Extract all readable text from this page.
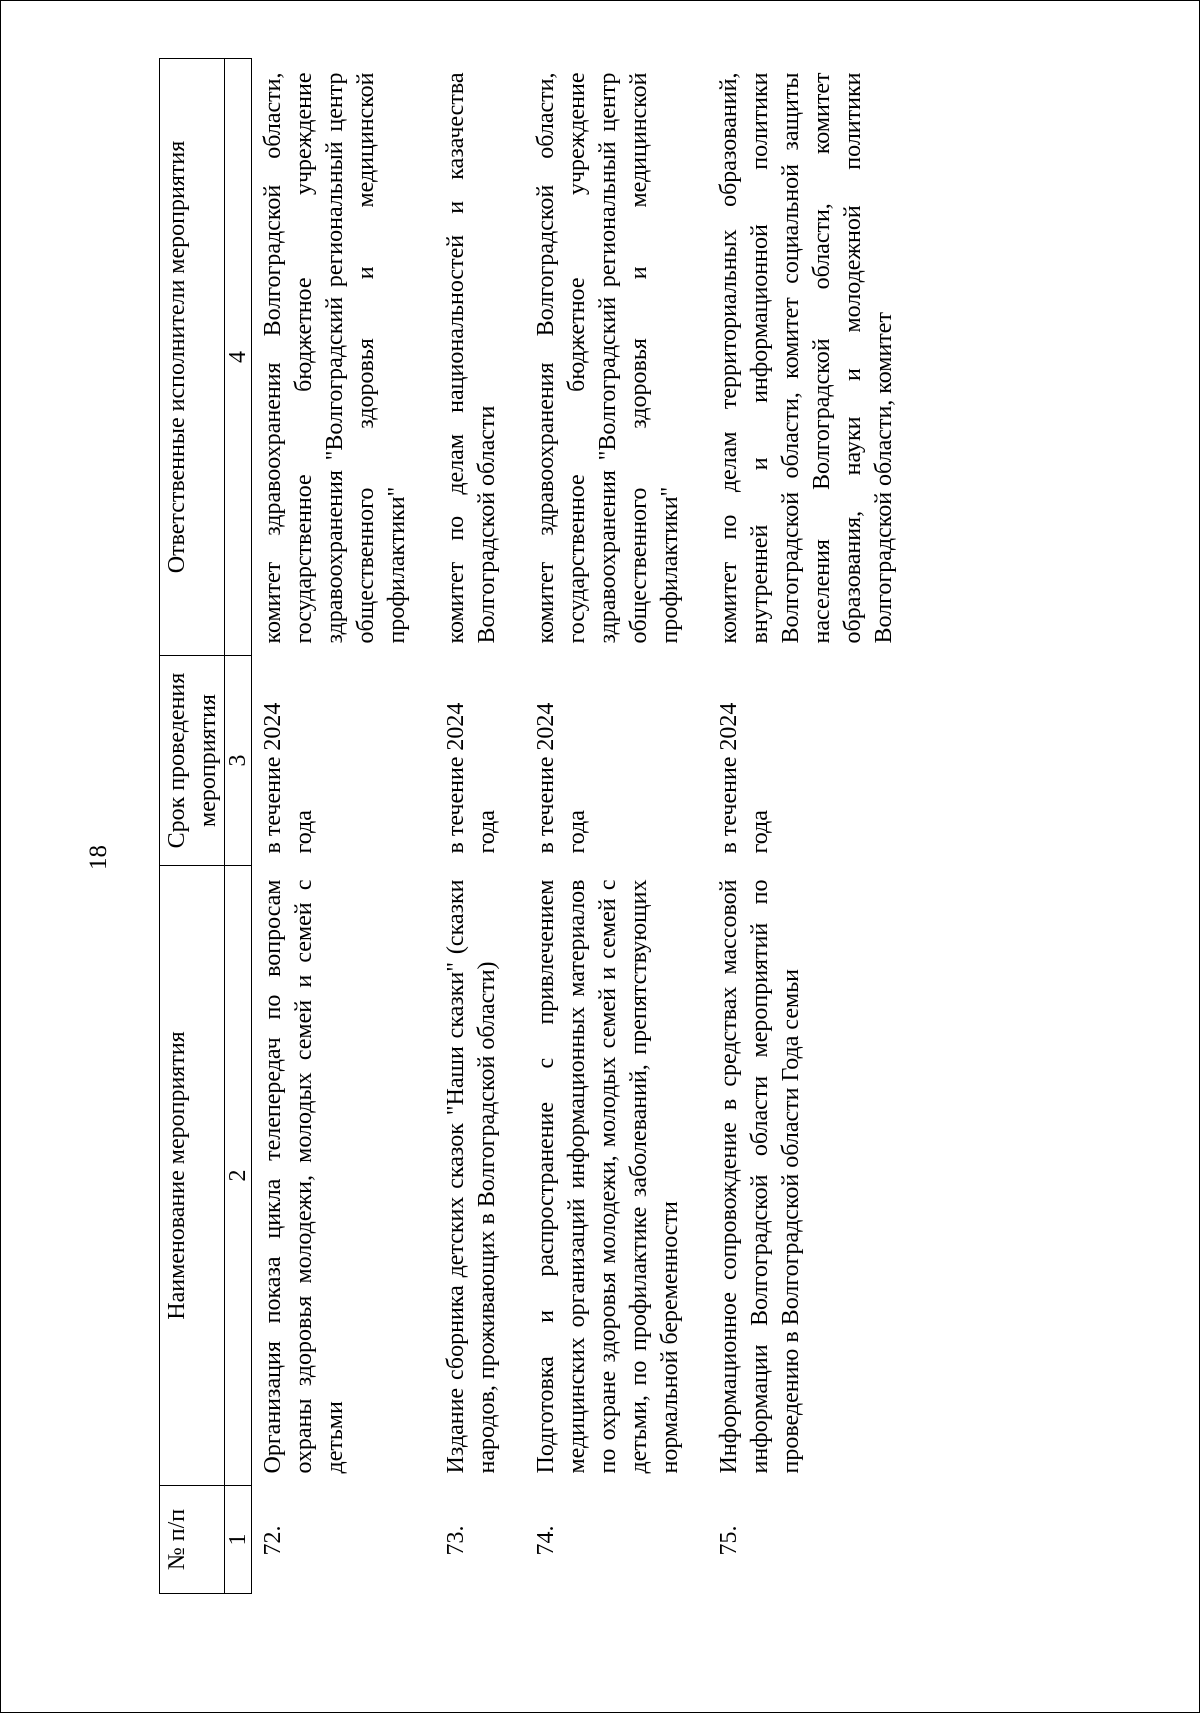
18
№ п/п	Наименование мероприятия	Срок проведения мероприятия	Ответственные исполнители мероприятия
1	2	3	4
72.	Организация показа цикла телепередач по вопросам охраны здоровья молодежи, молодых семей и семей с детьми	в течение 2024 года	комитет здравоохранения Волгоградской области, государственное бюджетное учреждение здравоохранения "Волгоградский региональный центр общественного здоровья и медицинской профилактики"
73.	Издание сборника детских сказок "Наши сказки" (сказки народов, проживающих в Волгоградской области)	в течение 2024 года	комитет по делам национальностей и казачества Волгоградской области
74.	Подготовка и распространение с привлечением медицинских организаций информационных материалов по охране здоровья молодежи, молодых семей и семей с детьми, по профилактике заболеваний, препятствующих нормальной беременности	в течение 2024 года	комитет здравоохранения Волгоградской области, государственное бюджетное учреждение здравоохранения "Волгоградский региональный центр общественного здоровья и медицинской профилактики"
75.	Информационное сопровождение в средствах массовой информации Волгоградской области мероприятий по проведению в Волгоградской области Года семьи	в течение 2024 года	комитет по делам территориальных образований, внутренней и информационной политики Волгоградской области, комитет социальной защиты населения Волгоградской области, комитет образования, науки и молодежной политики Волгоградской области, комитет
